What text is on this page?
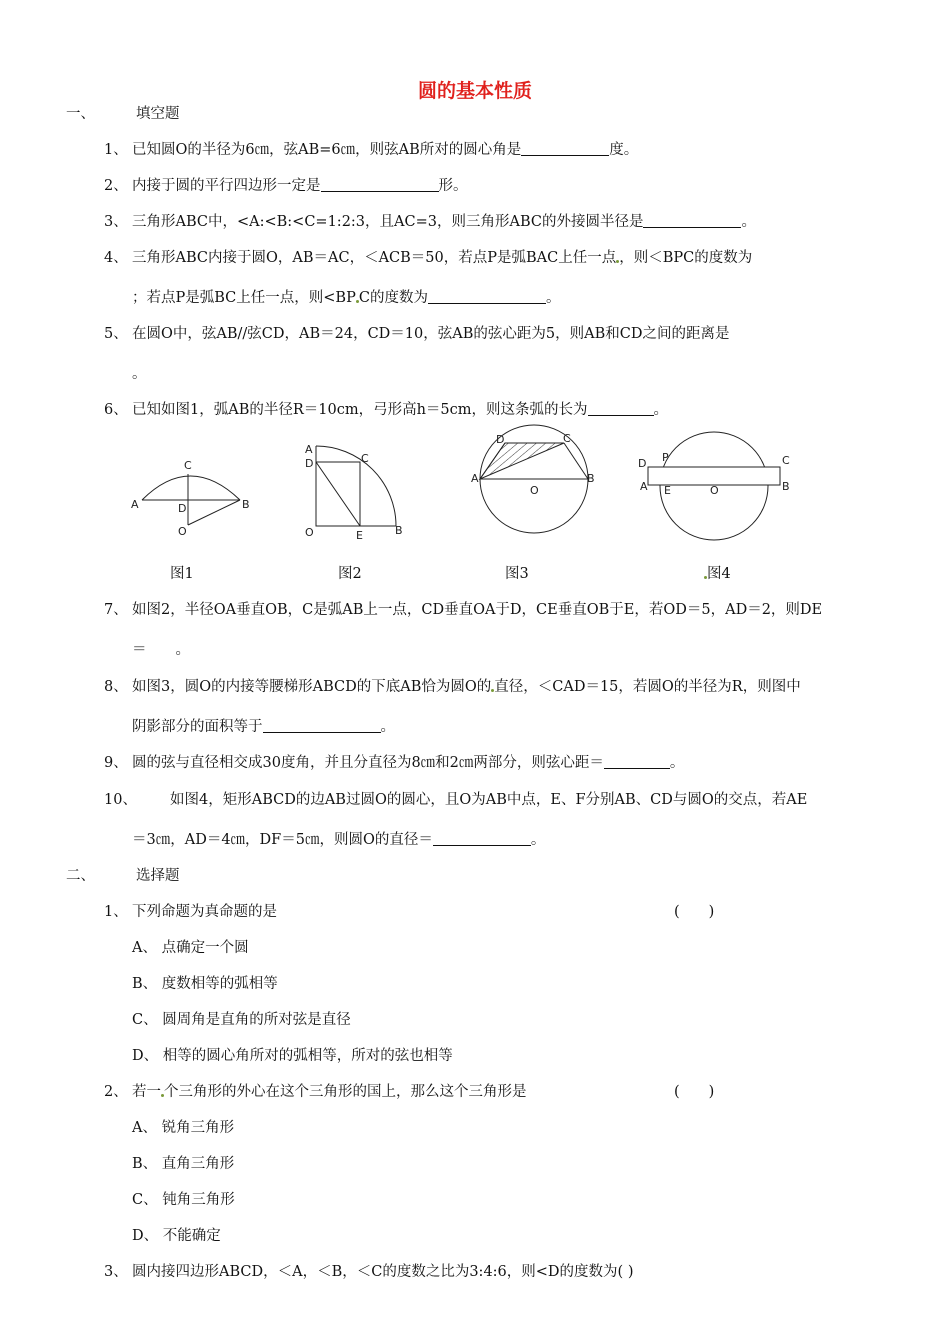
圆的基本性质
一、	填空题
1、 已知圆O的半径为6㎝，弦AB=6㎝，则弦AB所对的圆心角是	度。
2、 内接于圆的平行四边形一定是	形。
3、 三角形ABC中，<A:<B:<C=1:2:3，且AC=3，则三角形ABC的外接圆半径是	。
4、 三角形ABC内接于圆O，AB＝AC，＜ACB＝50，若点P是弧BAC上任一点 ，则＜BPC的度数为
；若点P是弧BC上任一点，则<BP C的度数为	。
5、 在圆O中，弦AB//弦CD，AB＝24，CD＝10，弦AB的弦心距为5，则AB和CD之间的距离是
。
6、 已知如图1，弧AB的半径R＝10cm，弓形高h＝5cm，则这条弧的长为	。
C
A	B
D
O
A
D	C
O	E	B
D	C
A	B
O
D P	C
A E	O	B
图1	图2	图3	图4
7、 如图2，半径OA垂直OB，C是弧AB上一点，CD垂直OA于D，CE垂直OB于E，若OD＝5，AD＝2，则DE
＝　　。
8、 如图3，圆O的内接等腰梯形ABCD的下底AB恰为圆O的 直径，＜CAD＝15，若圆O的半径为R，则图中
阴影部分的面积等于	。
9、 圆的弦与直径相交成30度角，并且分直径为8㎝和2㎝两部分，则弦心距＝	。
10、 如图4，矩形ABCD的边AB过圆O的圆心，且O为AB中点，E、F分别AB、CD与圆O的交点，若AE
＝3㎝，AD＝4㎝，DF＝5㎝，则圆O的直径＝	。
二、	选择题
1、 下列命题为真命题的是	(　　)
A、 点确定一个圆
B、 度数相等的弧相等
C、 圆周角是直角的所对弦是直径
D、 相等的圆心角所对的弧相等，所对的弦也相等
2、 若一 个三角形的外心在这个三角形的国上，那么这个三角形是	(　　)
A、 锐角三角形
B、 直角三角形
C、 钝角三角形
D、 不能确定
3、 圆内接四边形ABCD，＜A，＜B，＜C的度数之比为3:4:6，则<D的度数为( )
